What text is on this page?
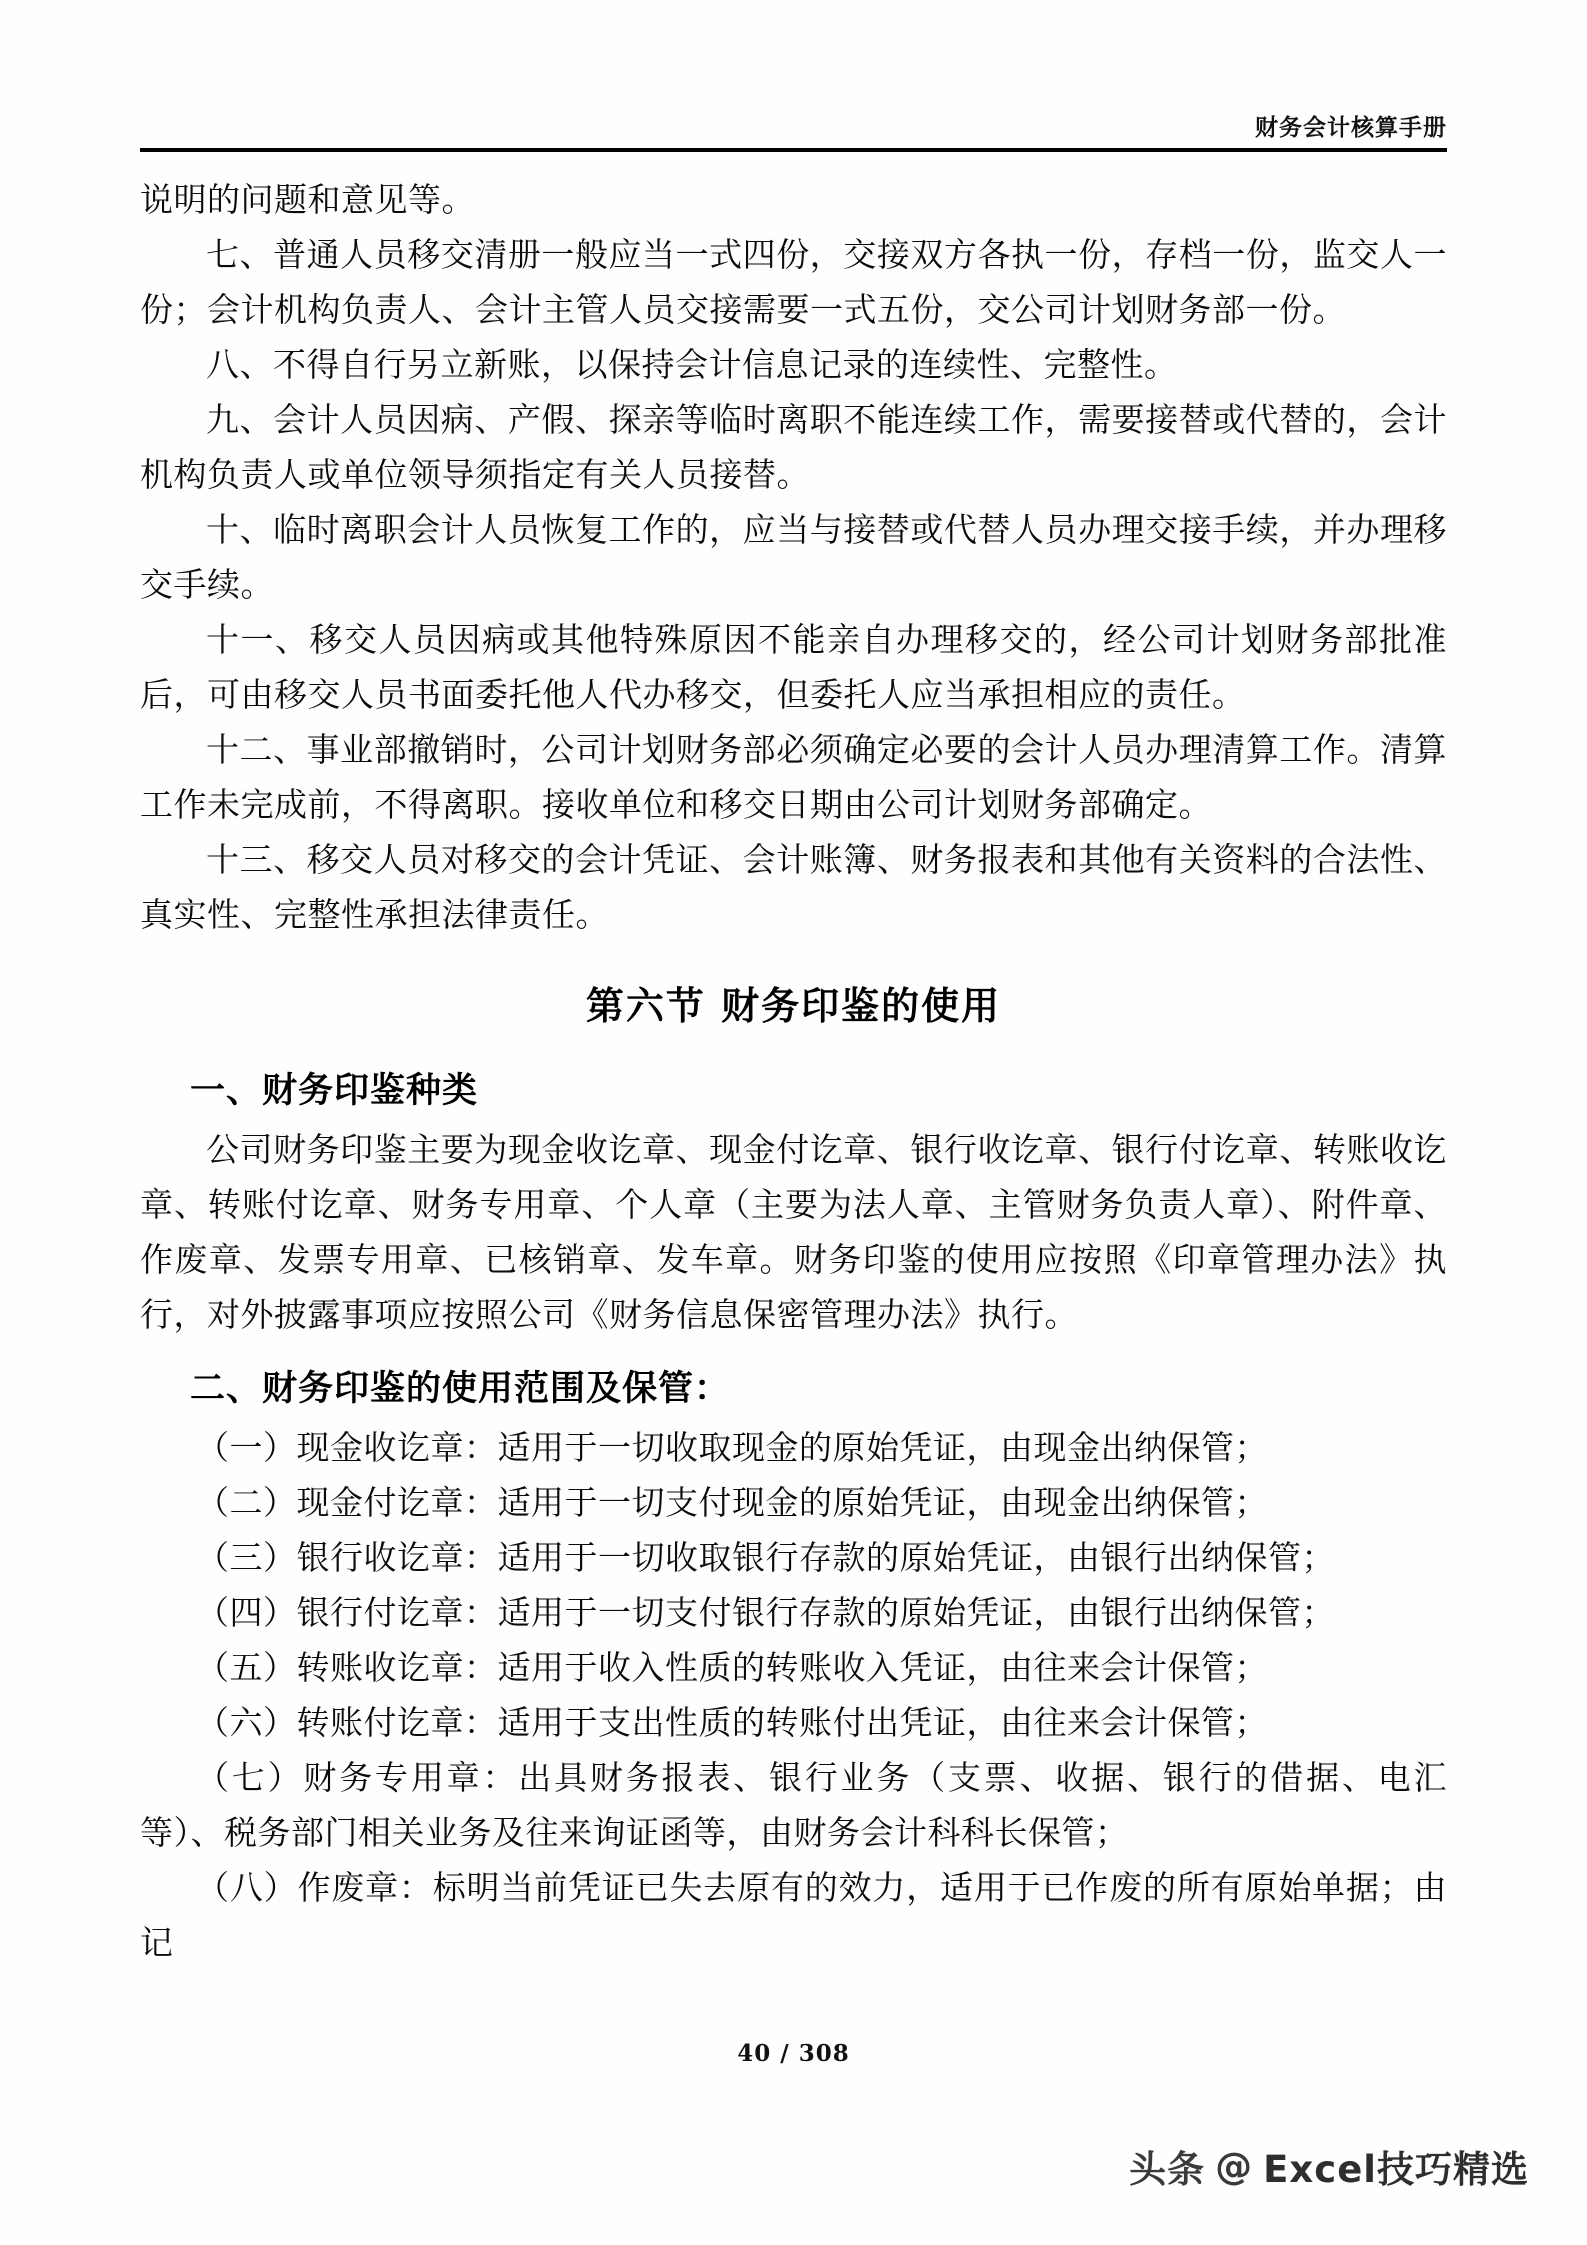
财务会计核算手册

说明的问题和意见等。

七、普通人员移交清册一般应当一式四份，交接双方各执一份，存档一份，监交人一份；会计机构负责人、会计主管人员交接需要一式五份，交公司计划财务部一份。

八、不得自行另立新账，以保持会计信息记录的连续性、完整性。

九、会计人员因病、产假、探亲等临时离职不能连续工作，需要接替或代替的，会计机构负责人或单位领导须指定有关人员接替。

十、临时离职会计人员恢复工作的，应当与接替或代替人员办理交接手续，并办理移交手续。

十一、移交人员因病或其他特殊原因不能亲自办理移交的，经公司计划财务部批准后，可由移交人员书面委托他人代办移交，但委托人应当承担相应的责任。

十二、事业部撤销时，公司计划财务部必须确定必要的会计人员办理清算工作。清算工作未完成前，不得离职。接收单位和移交日期由公司计划财务部确定。

十三、移交人员对移交的会计凭证、会计账簿、财务报表和其他有关资料的合法性、真实性、完整性承担法律责任。

第六节 财务印鉴的使用
一、财务印鉴种类

公司财务印鉴主要为现金收讫章、现金付讫章、银行收讫章、银行付讫章、转账收讫章、转账付讫章、财务专用章、个人章（主要为法人章、主管财务负责人章）、附件章、作废章、发票专用章、已核销章、发车章。财务印鉴的使用应按照《印章管理办法》执行，对外披露事项应按照公司《财务信息保密管理办法》执行。

二、财务印鉴的使用范围及保管：

（一）现金收讫章：适用于一切收取现金的原始凭证，由现金出纳保管；

（二）现金付讫章：适用于一切支付现金的原始凭证，由现金出纳保管；

（三）银行收讫章：适用于一切收取银行存款的原始凭证，由银行出纳保管；

（四）银行付讫章：适用于一切支付银行存款的原始凭证，由银行出纳保管；

（五）转账收讫章：适用于收入性质的转账收入凭证，由往来会计保管；

（六）转账付讫章：适用于支出性质的转账付出凭证，由往来会计保管；

（七）财务专用章：出具财务报表、银行业务（支票、收据、银行的借据、电汇等）、税务部门相关业务及往来询证函等，由财务会计科科长保管；

（八）作废章：标明当前凭证已失去原有的效力，适用于已作废的所有原始单据；由记

40 / 308
头条 @ Excel技巧精选
